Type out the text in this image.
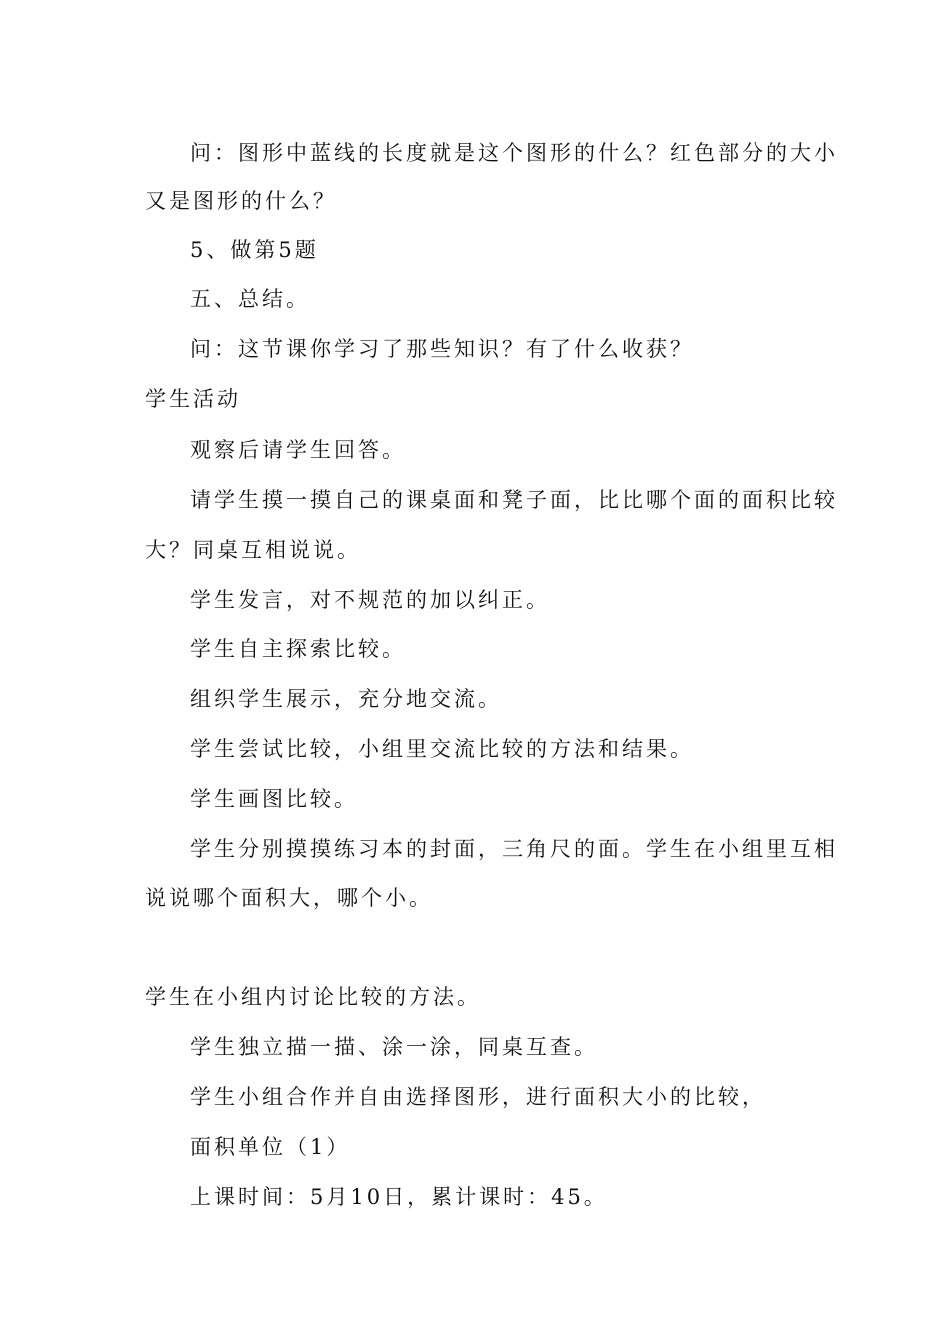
问：图形中蓝线的长度就是这个图形的什么？红色部分的大小
又是图形的什么？
5、做第5题
五、总结。
问：这节课你学习了那些知识？有了什么收获？
学生活动
观察后请学生回答。
请学生摸一摸自己的课桌面和凳子面，比比哪个面的面积比较
大？同桌互相说说。
学生发言，对不规范的加以纠正。
学生自主探索比较。
组织学生展示，充分地交流。
学生尝试比较，小组里交流比较的方法和结果。
学生画图比较。
学生分别摸摸练习本的封面，三角尺的面。学生在小组里互相
说说哪个面积大，哪个小。
学生在小组内讨论比较的方法。
学生独立描一描、涂一涂，同桌互查。
学生小组合作并自由选择图形，进行面积大小的比较，
面积单位（1）
上课时间：5月10日，累计课时：45。
